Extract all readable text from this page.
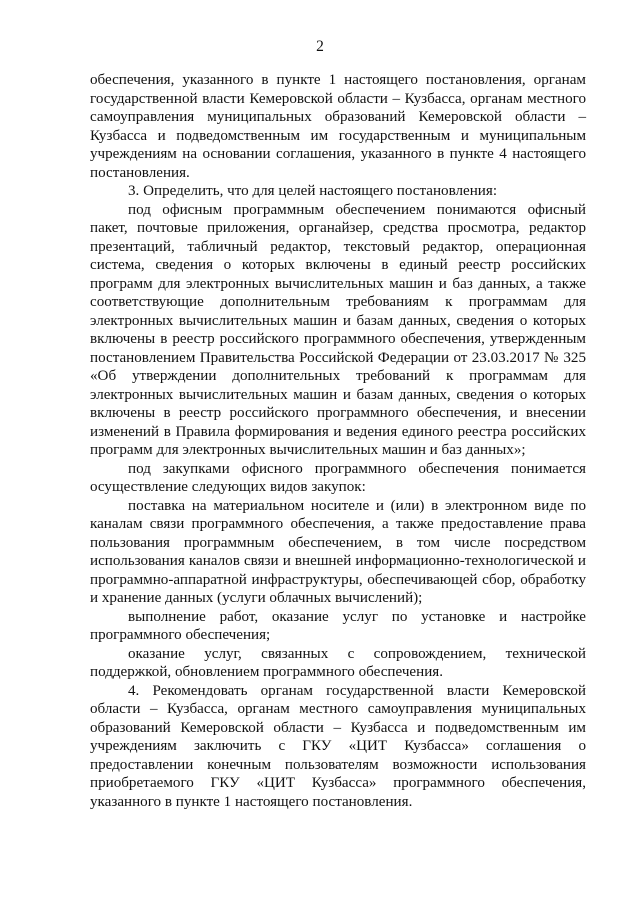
2
обеспечения, указанного в пункте 1 настоящего постановления, органам
государственной власти Кемеровской области – Кузбасса, органам местного
самоуправления муниципальных образований Кемеровской области –
Кузбасса и подведомственным им государственным и муниципальным
учреждениям на основании соглашения, указанного в пункте 4 настоящего
постановления.
3. Определить, что для целей настоящего постановления:
под офисным программным обеспечением понимаются офисный
пакет, почтовые приложения, органайзер, средства просмотра, редактор
презентаций, табличный редактор, текстовый редактор, операционная
система, сведения о которых включены в единый реестр российских
программ для электронных вычислительных машин и баз данных, а также
соответствующие дополнительным требованиям к программам для
электронных вычислительных машин и базам данных, сведения о которых
включены в реестр российского программного обеспечения, утвержденным
постановлением Правительства Российской Федерации от 23.03.2017 № 325
«Об утверждении дополнительных требований к программам для
электронных вычислительных машин и базам данных, сведения о которых
включены в реестр российского программного обеспечения, и внесении
изменений в Правила формирования и ведения единого реестра российских
программ для электронных вычислительных машин и баз данных»;
под закупками офисного программного обеспечения понимается
осуществление следующих видов закупок:
поставка на материальном носителе и (или) в электронном виде по
каналам связи программного обеспечения, а также предоставление права
пользования программным обеспечением, в том числе посредством
использования каналов связи и внешней информационно-технологической и
программно-аппаратной инфраструктуры, обеспечивающей сбор, обработку
и хранение данных (услуги облачных вычислений);
выполнение работ, оказание услуг по установке и настройке
программного обеспечения;
оказание услуг, связанных с сопровождением, технической
поддержкой, обновлением программного обеспечения.
4. Рекомендовать органам государственной власти Кемеровской
области – Кузбасса, органам местного самоуправления муниципальных
образований Кемеровской области – Кузбасса и подведомственным им
учреждениям заключить с ГКУ «ЦИТ Кузбасса» соглашения о
предоставлении конечным пользователям возможности использования
приобретаемого ГКУ «ЦИТ Кузбасса» программного обеспечения,
указанного в пункте 1 настоящего постановления.
